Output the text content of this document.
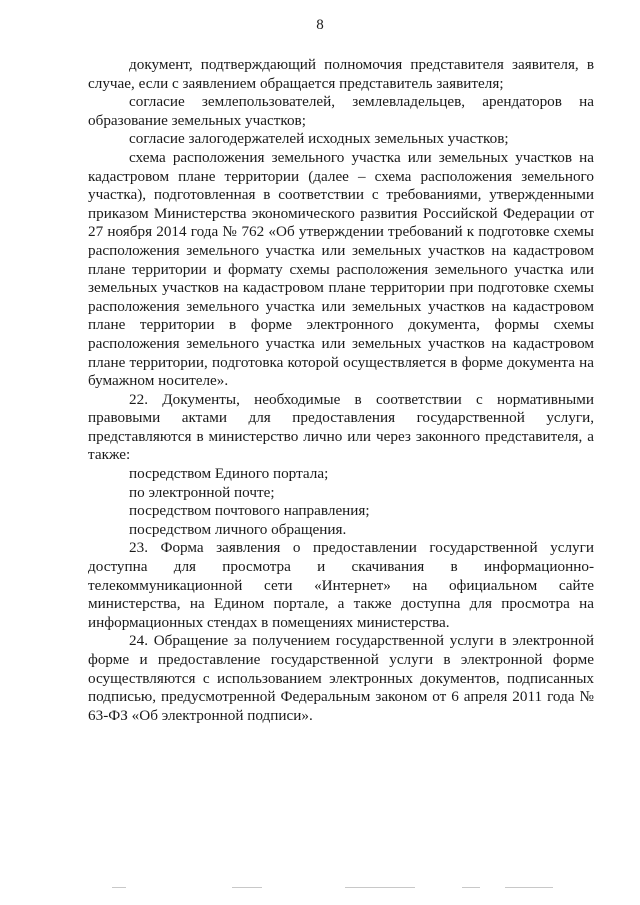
8

документ, подтверждающий полномочия представителя заявителя, в случае, если с заявлением обращается представитель заявителя;

согласие землепользователей, землевладельцев, арендаторов на образование земельных участков;

согласие залогодержателей исходных земельных участков;

схема расположения земельного участка или земельных участков на кадастровом плане территории (далее – схема расположения земельного участка), подготовленная в соответствии с требованиями, утвержденными приказом Министерства экономического развития Российской Федерации от 27 ноября 2014 года № 762 «Об утверждении требований к подготовке схемы расположения земельного участка или земельных участков на кадастровом плане территории и формату схемы расположения земельного участка или земельных участков на кадастровом плане территории при подготовке схемы расположения земельного участка или земельных участков на кадастровом плане территории в форме электронного документа, формы схемы расположения земельного участка или земельных участков на кадастровом плане территории, подготовка которой осуществляется в форме документа на бумажном носителе».

22. Документы, необходимые в соответствии с нормативными правовыми актами для предоставления государственной услуги, представляются в министерство лично или через законного представителя, а также:

посредством Единого портала;

по электронной почте;

посредством почтового направления;

посредством личного обращения.

23. Форма заявления о предоставлении государственной услуги доступна для просмотра и скачивания в информационно-телекоммуникационной сети «Интернет» на официальном сайте министерства, на Едином портале, а также доступна для просмотра на информационных стендах в помещениях министерства.

24. Обращение за получением государственной услуги в электронной форме и предоставление государственной услуги в электронной форме осуществляются с использованием электронных документов, подписанных подписью, предусмотренной Федеральным законом от 6 апреля 2011 года № 63-ФЗ «Об электронной подписи».
